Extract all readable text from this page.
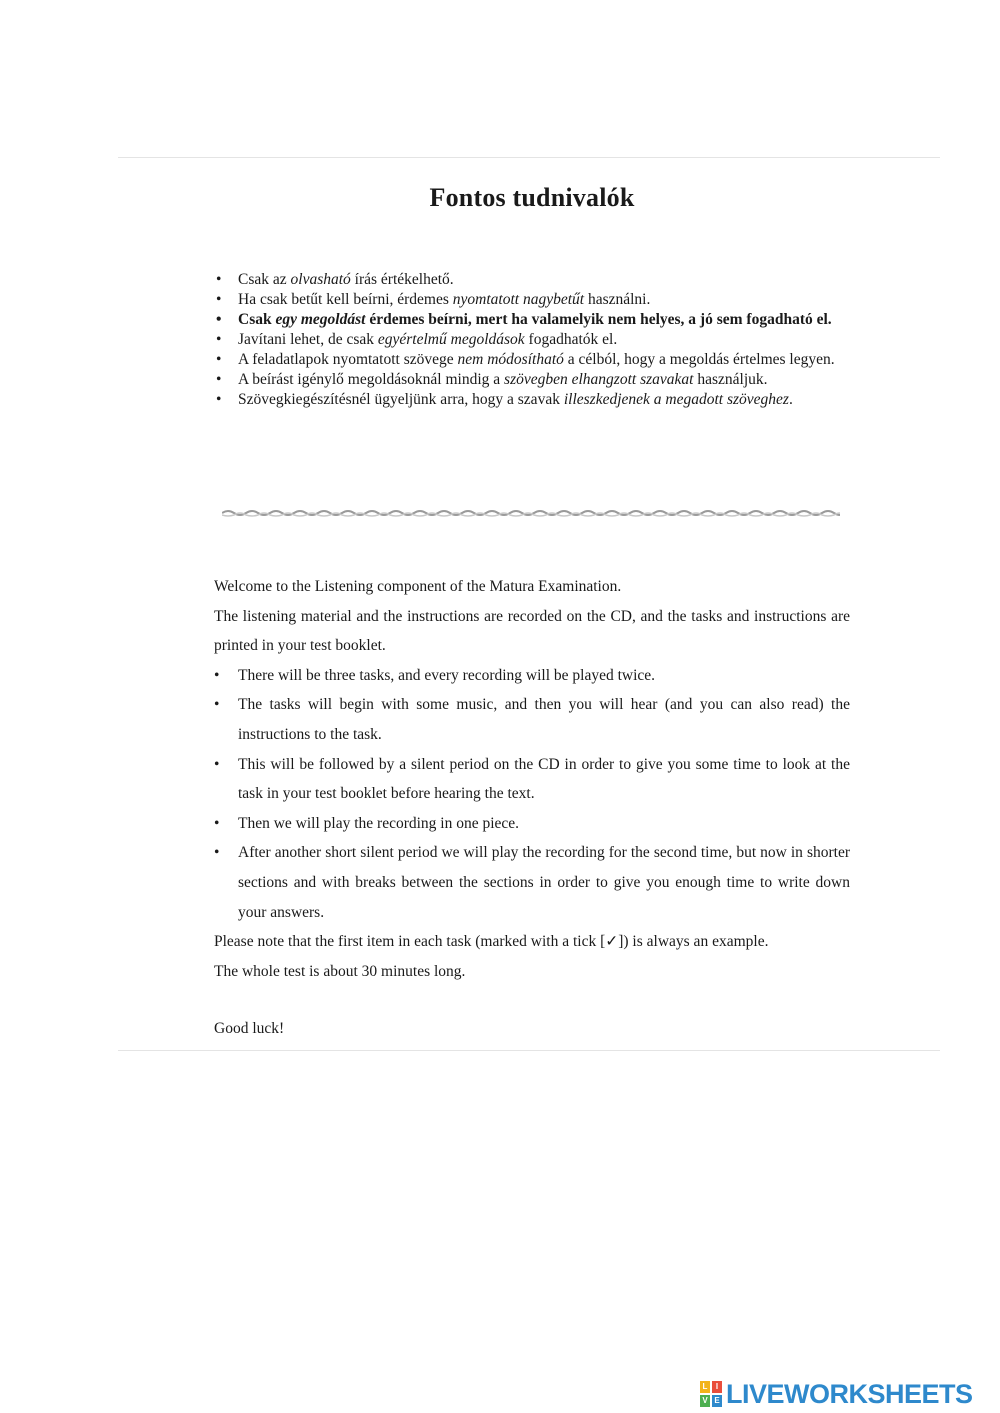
Fontos tudnivalók
• Csak az olvasható írás értékelhető.
• Ha csak betűt kell beírni, érdemes nyomtatott nagybetűt használni.
• Csak egy megoldást érdemes beírni, mert ha valamelyik nem helyes, a jó sem fogadható el.
• Javítani lehet, de csak egyértelmű megoldások fogadhatók el.
• A feladatlapok nyomtatott szövege nem módosítható a célból, hogy a megoldás értelmes legyen.
• A beírást igénylő megoldásoknál mindig a szövegben elhangzott szavakat használjuk.
• Szövegkiegészítésnél ügyeljünk arra, hogy a szavak illeszkedjenek a megadott szöveghez.

Welcome to the Listening component of the Matura Examination.

The listening material and the instructions are recorded on the CD, and the tasks and instructions are printed in your test booklet.

• There will be three tasks, and every recording will be played twice.
• The tasks will begin with some music, and then you will hear (and you can also read) the instructions to the task.
• This will be followed by a silent period on the CD in order to give you some time to look at the task in your test booklet before hearing the text.
• Then we will play the recording in one piece.
• After another short silent period we will play the recording for the second time, but now in shorter sections and with breaks between the sections in order to give you enough time to write down your answers.

Please note that the first item in each task (marked with a tick [✓]) is always an example.

The whole test is about 30 minutes long.

Good luck!

L	I
V E LIVEWORKSHEETS
